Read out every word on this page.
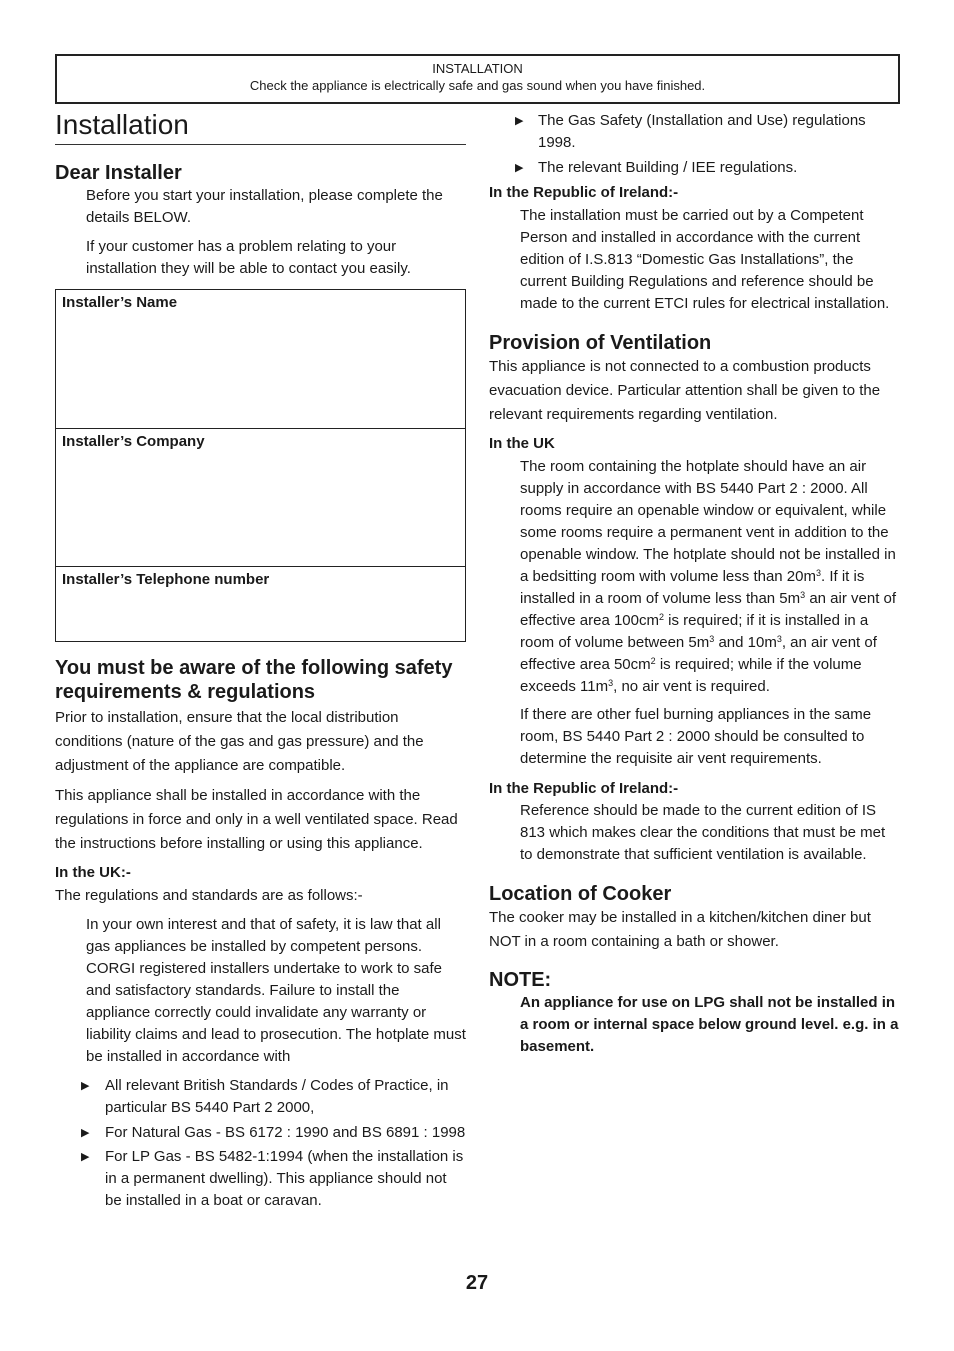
INSTALLATION
Check the appliance is electrically safe and gas sound when you have finished.
Installation
Dear Installer

Before you start your installation, please complete the details BELOW.

If your customer has a problem relating to your installation they will be able to contact you easily.

Installer’s Name
Installer’s Company
Installer’s Telephone number
You must be aware of the following safety requirements & regulations

Prior to installation, ensure that the local distribution conditions (nature of the gas and gas pressure) and the adjustment of the appliance are compatible.

This appliance shall be installed in accordance with the regulations in force and only in a well ventilated space. Read the instructions before installing or using this appliance.

In the UK:-

The regulations and standards are as follows:-

In your own interest and that of safety, it is law that all gas appliances be installed by competent persons. CORGI registered installers undertake to work to safe and satisfactory standards. Failure to install the appliance correctly could invalidate any warranty or liability claims and lead to prosecution. The hotplate must be installed in accordance with

▶ All relevant British Standards / Codes of Practice, in particular BS 5440 Part 2 2000,
▶ For Natural Gas - BS 6172 : 1990 and BS 6891 : 1998
▶ For LP Gas - BS 5482-1:1994 (when the installation is in a permanent dwelling). This appliance should not be installed in a boat or caravan.
▶ The Gas Safety (Installation and Use) regulations 1998.
▶ The relevant Building / IEE regulations.
In the Republic of Ireland:-

The installation must be carried out by a Competent Person and installed in accordance with the current edition of I.S.813 “Domestic Gas Installations”, the current Building Regulations and reference should be made to the current ETCI rules for electrical installation.

Provision of Ventilation

This appliance is not connected to a combustion products evacuation device. Particular attention shall be given to the relevant requirements regarding ventilation.

In the UK

The room containing the hotplate should have an air supply in accordance with BS 5440 Part 2 : 2000. All rooms require an openable window or equivalent, while some rooms require a permanent vent in addition to the openable window. The hotplate should not be installed in a bedsitting room with volume less than $20m^3$. If it is installed in a room of volume less than $5m^3$ an air vent of effective area $100cm^2$ is required; if it is installed in a room of volume between $5m^3$ and $10m^3$, an air vent of effective area $50cm^2$ is required; while if the volume exceeds $11m^3$, no air vent is required.

If there are other fuel burning appliances in the same room, BS 5440 Part 2 : 2000 should be consulted to determine the requisite air vent requirements.

In the Republic of Ireland:-

Reference should be made to the current edition of IS 813 which makes clear the conditions that must be met to demonstrate that sufficient ventilation is available.

Location of Cooker

The cooker may be installed in a kitchen/kitchen diner but NOT in a room containing a bath or shower.

NOTE:

An appliance for use on LPG shall not be installed in a room or internal space below ground level. e.g. in a basement.

27
